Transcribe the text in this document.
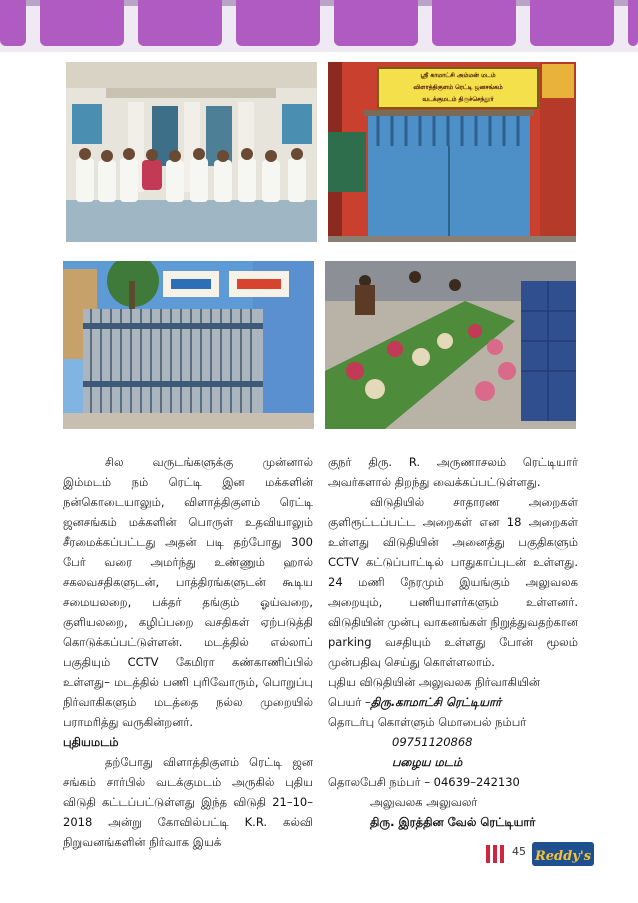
ஸ்ரீ காமாட்சி அம்மன் மடம்
விளாத்திகுளம் ரெட்டி ஜனசங்கம்
வடக்குமடம் திருச்செந்தூர்

சில வருடங்களுக்கு முன்னால் இம்மடம் நம் ரெட்டி இன மக்களின் நன்கொடையாலும், விளாத்திகுளம் ரெட்டி ஜனசங்கம் மக்களின் பொருள் உதவியாலும் சீரமைக்கப்பட்டது அதன் படி தற்போது 300 பேர் வரை அமர்ந்து உண்ணும் ஹால் சகலவசதிகளுடன், பாத்திரங்களுடன் கூடிய சமையலறை, பக்தர் தங்கும் ஓய்வறை, குளியலறை, கழிப்பறை வசதிகள் ஏற்படுத்தி கொடுக்கப்பட்டுள்ளன். மடத்தில் எல்லாப் பகுதியும் CCTV கேமிரா கண்காணிப்பில் உள்ளது– மடத்தில் பணி புரிவோரும், பொறுப்பு நிர்வாகிகளும் மடத்தை நல்ல முறையில் பராமரித்து வருகின்றனர்.

புதியமடம்

தற்போது விளாத்திகுளம் ரெட்டி ஜன சங்கம் சார்பில் வடக்குமடம் அருகில் புதிய விடுதி கட்டப்பட்டுள்ளது இந்த விடுதி 21–10–2018 அன்று கோவில்பட்டி K.R. கல்வி நிறுவனங்களின் நிர்வாக இயக்

குநர் திரு. R. அருணாசலம் ரெட்டியார் அவர்களால் திறந்து வைக்கப்பட்டுள்ளது.

விடுதியில் சாதாரண அறைகள் குளிரூட்டப்பட்ட அறைகள் என 18 அறைகள் உள்ளது விடுதியின் அனைத்து பகுதிகளும் CCTV கட்டுப்பாட்டில் பாதுகாப்புடன் உள்ளது. 24 மணி நேரமும் இயங்கும் அலுவலக அறையும், பணியாளர்களும் உள்ளனர். விடுதியின் முன்பு வாகனங்கள் நிறுத்துவதற்கான parking வசதியும் உள்ளது போன் மூலம் முன்பதிவு செய்து கொள்ளலாம்.

புதிய விடுதியின் அலுவலக நிர்வாகியின்

பெயர் –திரு.காமாட்சி ரெட்டியார்

தொடர்பு கொள்ளும் மொபைல் நம்பர்

09751120868

பழைய மடம்

தொலபேசி நம்பர் – 04639–242130

அலுவலக அலுவலர்

திரு. இரத்தின வேல் ரெட்டியார்

45 Reddy's
